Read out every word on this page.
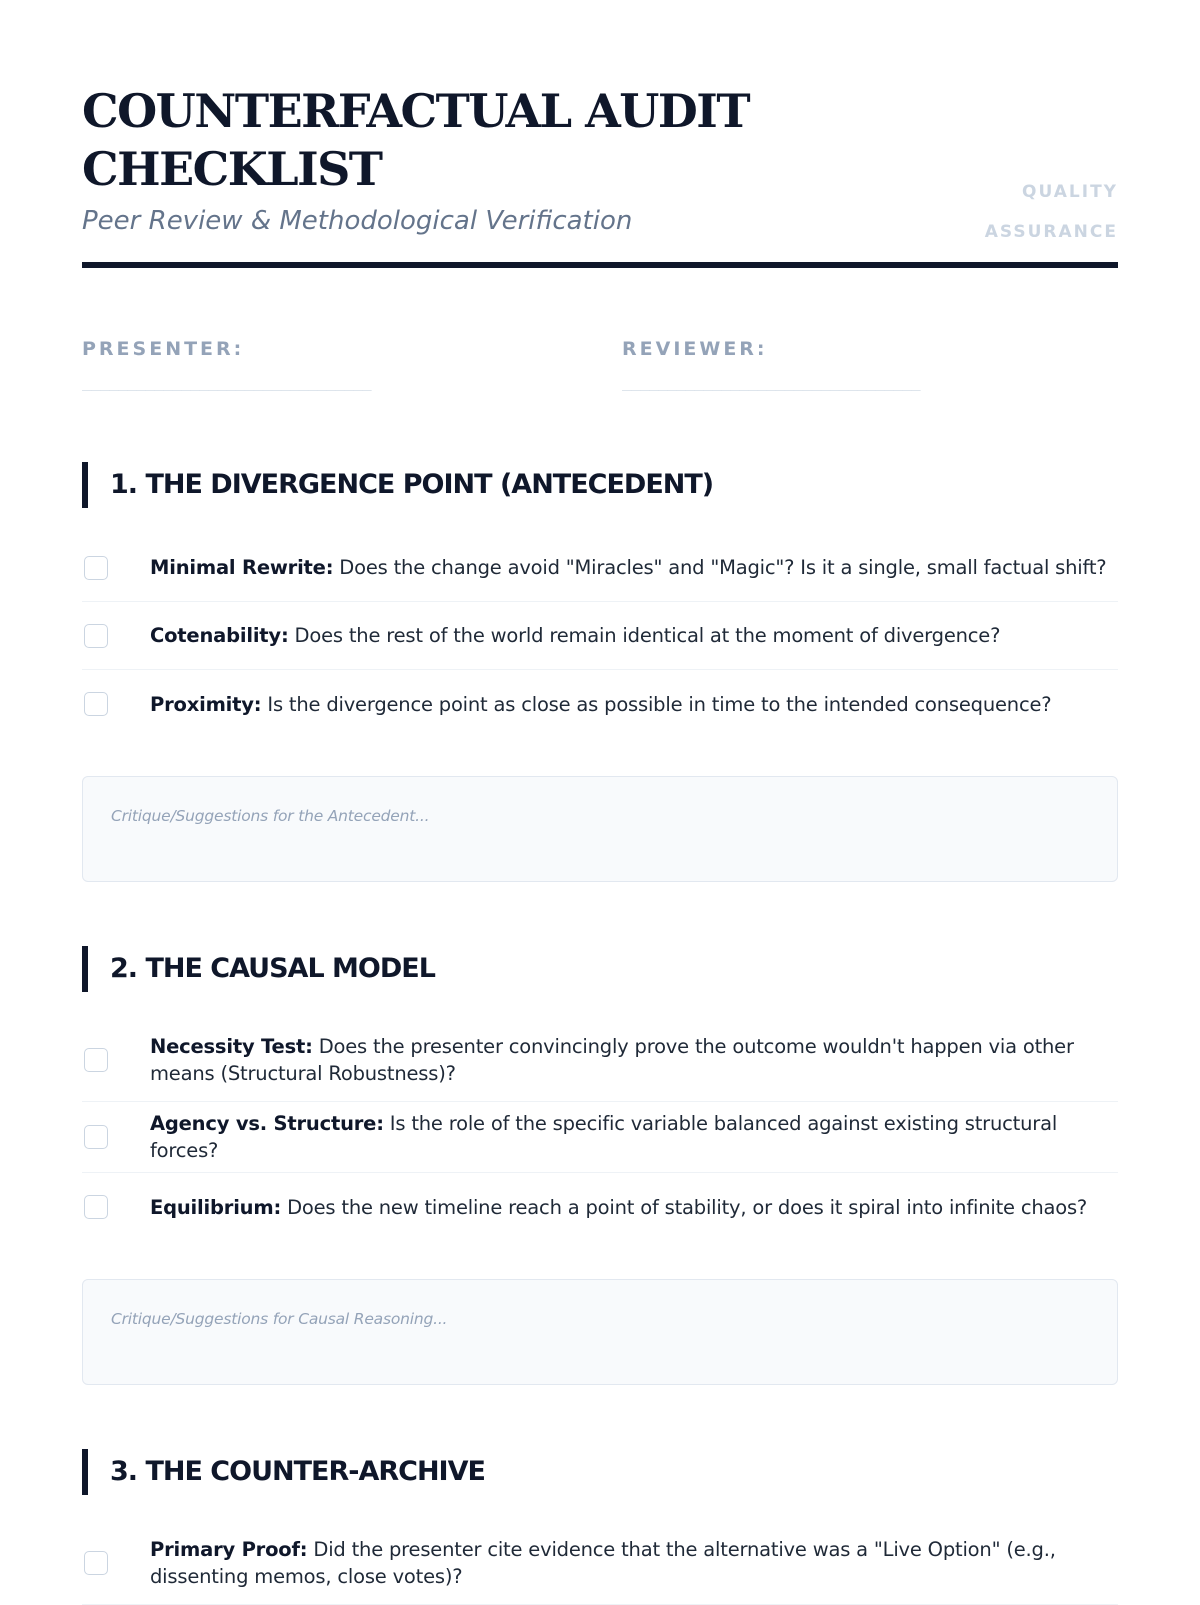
COUNTERFACTUAL AUDIT CHECKLIST

Peer Review & Methodological Verification

QUALITY
ASSURANCE
PRESENTER:
________________________________
REVIEWER:
_________________________________
1. THE DIVERGENCE POINT (ANTECEDENT)
Minimal Rewrite: Does the change avoid "Miracles" and "Magic"? Is it a single, small factual shift?
Cotenability: Does the rest of the world remain identical at the moment of divergence?
Proximity: Is the divergence point as close as possible in time to the intended consequence?
Critique/Suggestions for the Antecedent...
2. THE CAUSAL MODEL
Necessity Test: Does the presenter convincingly prove the outcome wouldn't happen via other means (Structural Robustness)?
Agency vs. Structure: Is the role of the specific variable balanced against existing structural forces?
Equilibrium: Does the new timeline reach a point of stability, or does it spiral into infinite chaos?
Critique/Suggestions for Causal Reasoning...
3. THE COUNTER-ARCHIVE
Primary Proof: Did the presenter cite evidence that the alternative was a "Live Option" (e.g., dissenting memos, close votes)?
